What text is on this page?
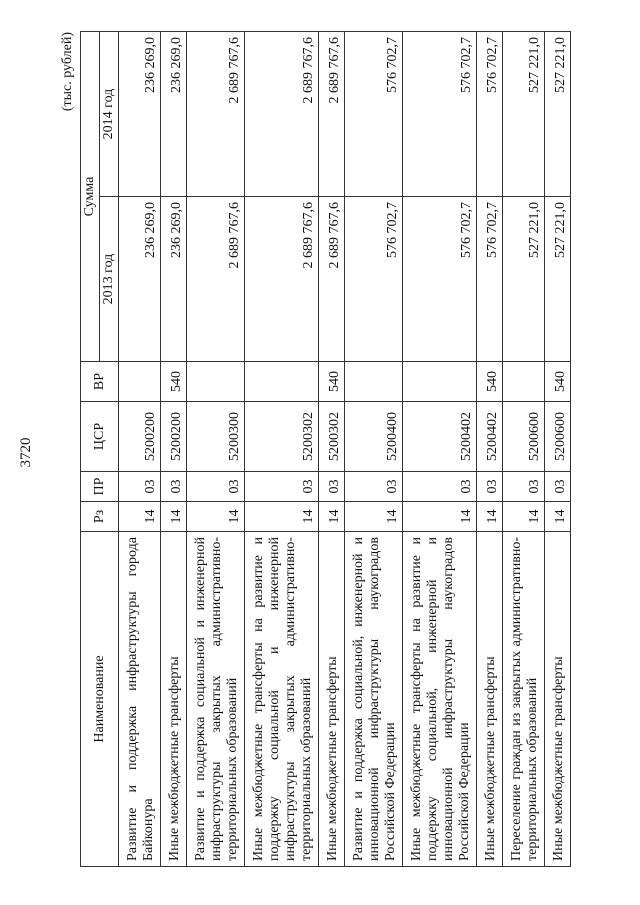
3720
(тыс. рублей)
Наименование	Рз	ПР	ЦСР	ВР	Сумма	
					2013 год	2014 год
Развитие и поддержка инфраструктуры города Байконура	14	03	5200200		236 269,0	236 269,0
Иные межбюджетные трансферты	14	03	5200200	540	236 269,0	236 269,0
Развитие и поддержка социальной и инженерной инфраструктуры закрытых административно-территориальных образований	14	03	5200300		2 689 767,6	2 689 767,6
Иные межбюджетные трансферты на развитие и поддержку социальной и инженерной инфраструктуры закрытых административно-территориальных образований	14	03	5200302		2 689 767,6	2 689 767,6
Иные межбюджетные трансферты	14	03	5200302	540	2 689 767,6	2 689 767,6
Развитие и поддержка социальной, инженерной и инновационной инфраструктуры наукоградов Российской Федерации	14	03	5200400		576 702,7	576 702,7
Иные межбюджетные трансферты на развитие и поддержку социальной, инженерной и инновационной инфраструктуры наукоградов Российской Федерации	14	03	5200402		576 702,7	576 702,7
Иные межбюджетные трансферты	14	03	5200402	540	576 702,7	576 702,7
Переселение граждан из закрытых административно-территориальных образований	14	03	5200600		527 221,0	527 221,0
Иные межбюджетные трансферты	14	03	5200600	540	527 221,0	527 221,0
